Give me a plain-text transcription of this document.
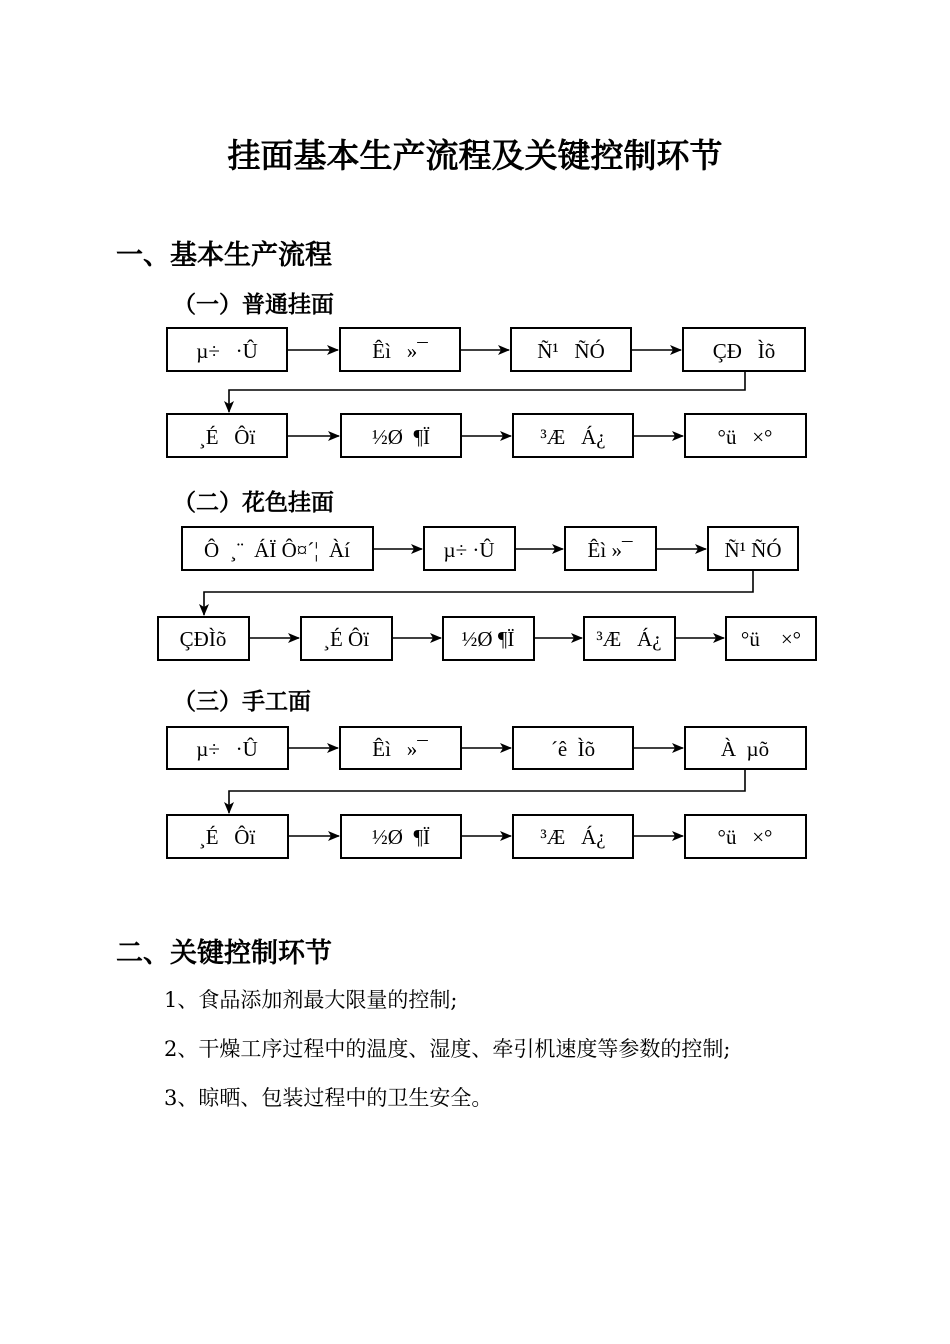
挂面基本生产流程及关键控制环节
一、基本生产流程
（一）普通挂面
（二）花色挂面
（三）手工面
µ÷   ·Û	Êì   »¯	Ñ¹   ÑÓ	ÇÐ   Ìõ
¸É   Ôï	½Ø  ¶Ï	³Æ   Á¿	°ü   ×°
Ô  ¸¨  ÁÏ Ô¤´¦  Àí	µ÷ ·Û	Êì »¯	Ñ¹ ÑÓ
ÇÐÌõ	¸É Ôï	½Ø ¶Ï	³Æ   Á¿	°ü    ×°
µ÷   ·Û	Êì   »¯	´ê  Ìõ	À  µõ
¸É   Ôï	½Ø  ¶Ï	³Æ   Á¿	°ü   ×°
二、关键控制环节
1、食品添加剂最大限量的控制;
2、干燥工序过程中的温度、湿度、牵引机速度等参数的控制;
3、晾晒、包装过程中的卫生安全。
